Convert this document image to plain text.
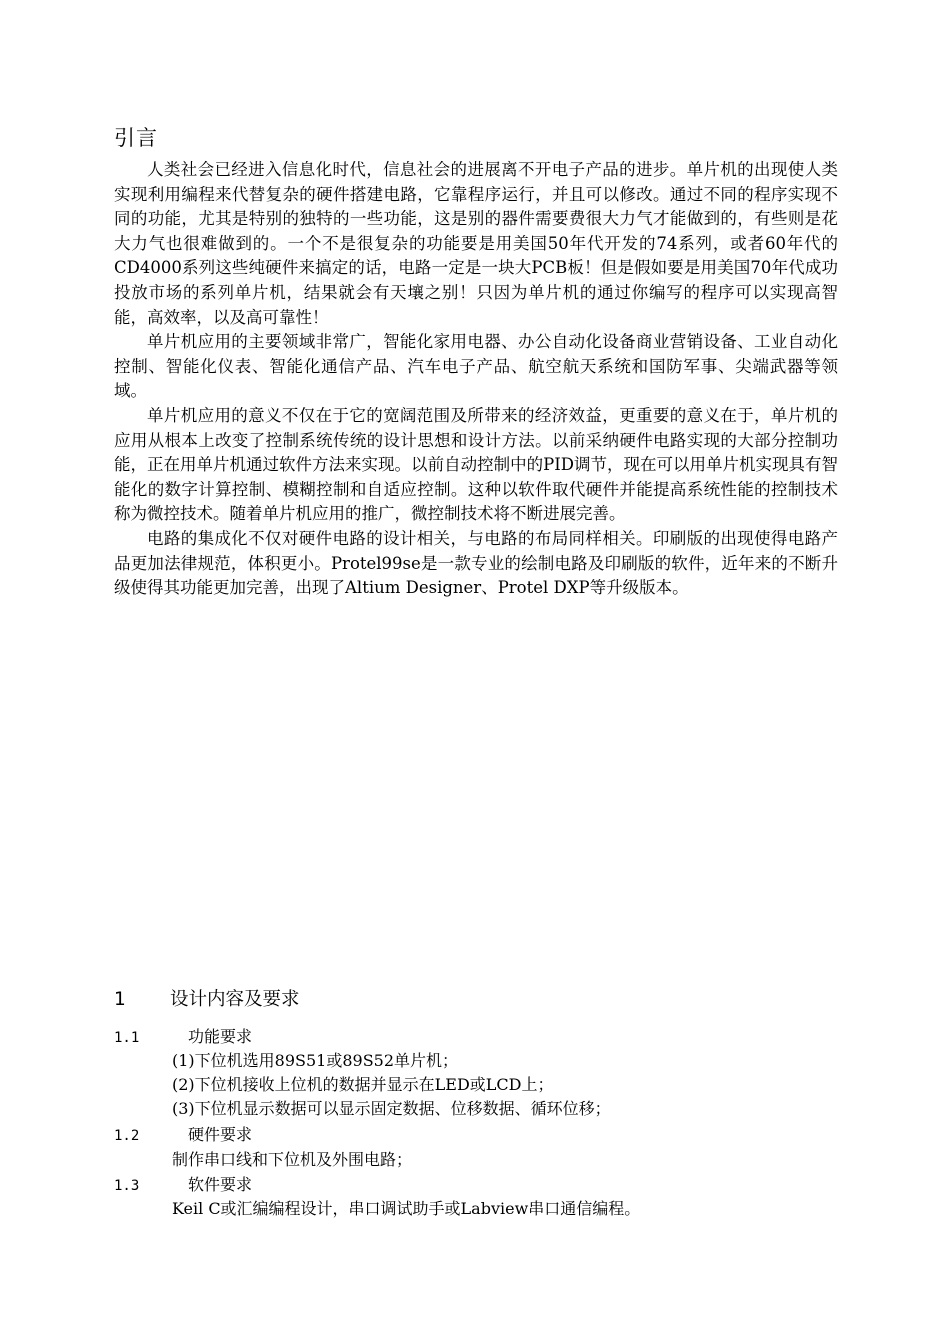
引言

人类社会已经进入信息化时代，信息社会的进展离不开电子产品的进步。单片机的出现使人类实现利用编程来代替复杂的硬件搭建电路，它靠程序运行，并且可以修改。通过不同的程序实现不同的功能，尤其是特别的独特的一些功能，这是别的器件需要费很大力气才能做到的，有些则是花大力气也很难做到的。一个不是很复杂的功能要是用美国50年代开发的74系列，或者60年代的CD4000系列这些纯硬件来搞定的话，电路一定是一块大PCB板！但是假如要是用美国70年代成功投放市场的系列单片机，结果就会有天壤之别！只因为单片机的通过你编写的程序可以实现高智能，高效率，以及高可靠性！

单片机应用的主要领域非常广，智能化家用电器、办公自动化设备商业营销设备、工业自动化控制、智能化仪表、智能化通信产品、汽车电子产品、航空航天系统和国防军事、尖端武器等领域。

单片机应用的意义不仅在于它的宽阔范围及所带来的经济效益，更重要的意义在于，单片机的应用从根本上改变了控制系统传统的设计思想和设计方法。以前采纳硬件电路实现的大部分控制功能，正在用单片机通过软件方法来实现。以前自动控制中的PID调节，现在可以用单片机实现具有智能化的数字计算控制、模糊控制和自适应控制。这种以软件取代硬件并能提高系统性能的控制技术称为微控技术。随着单片机应用的推广，微控制技术将不断进展完善。

电路的集成化不仅对硬件电路的设计相关，与电路的布局同样相关。印刷版的出现使得电路产品更加法律规范，体积更小。Protel99se是一款专业的绘制电路及印刷版的软件，近年来的不断升级使得其功能更加完善，出现了Altium Designer、Protel DXP等升级版本。

1 设计内容及要求
1.1	功能要求
(1)下位机选用89S51或89S52单片机；
(2)下位机接收上位机的数据并显示在LED或LCD上；
(3)下位机显示数据可以显示固定数据、位移数据、循环位移；
1.2	硬件要求
制作串口线和下位机及外围电路；
1.3	软件要求
Keil C或汇编编程设计，串口调试助手或Labview串口通信编程。
